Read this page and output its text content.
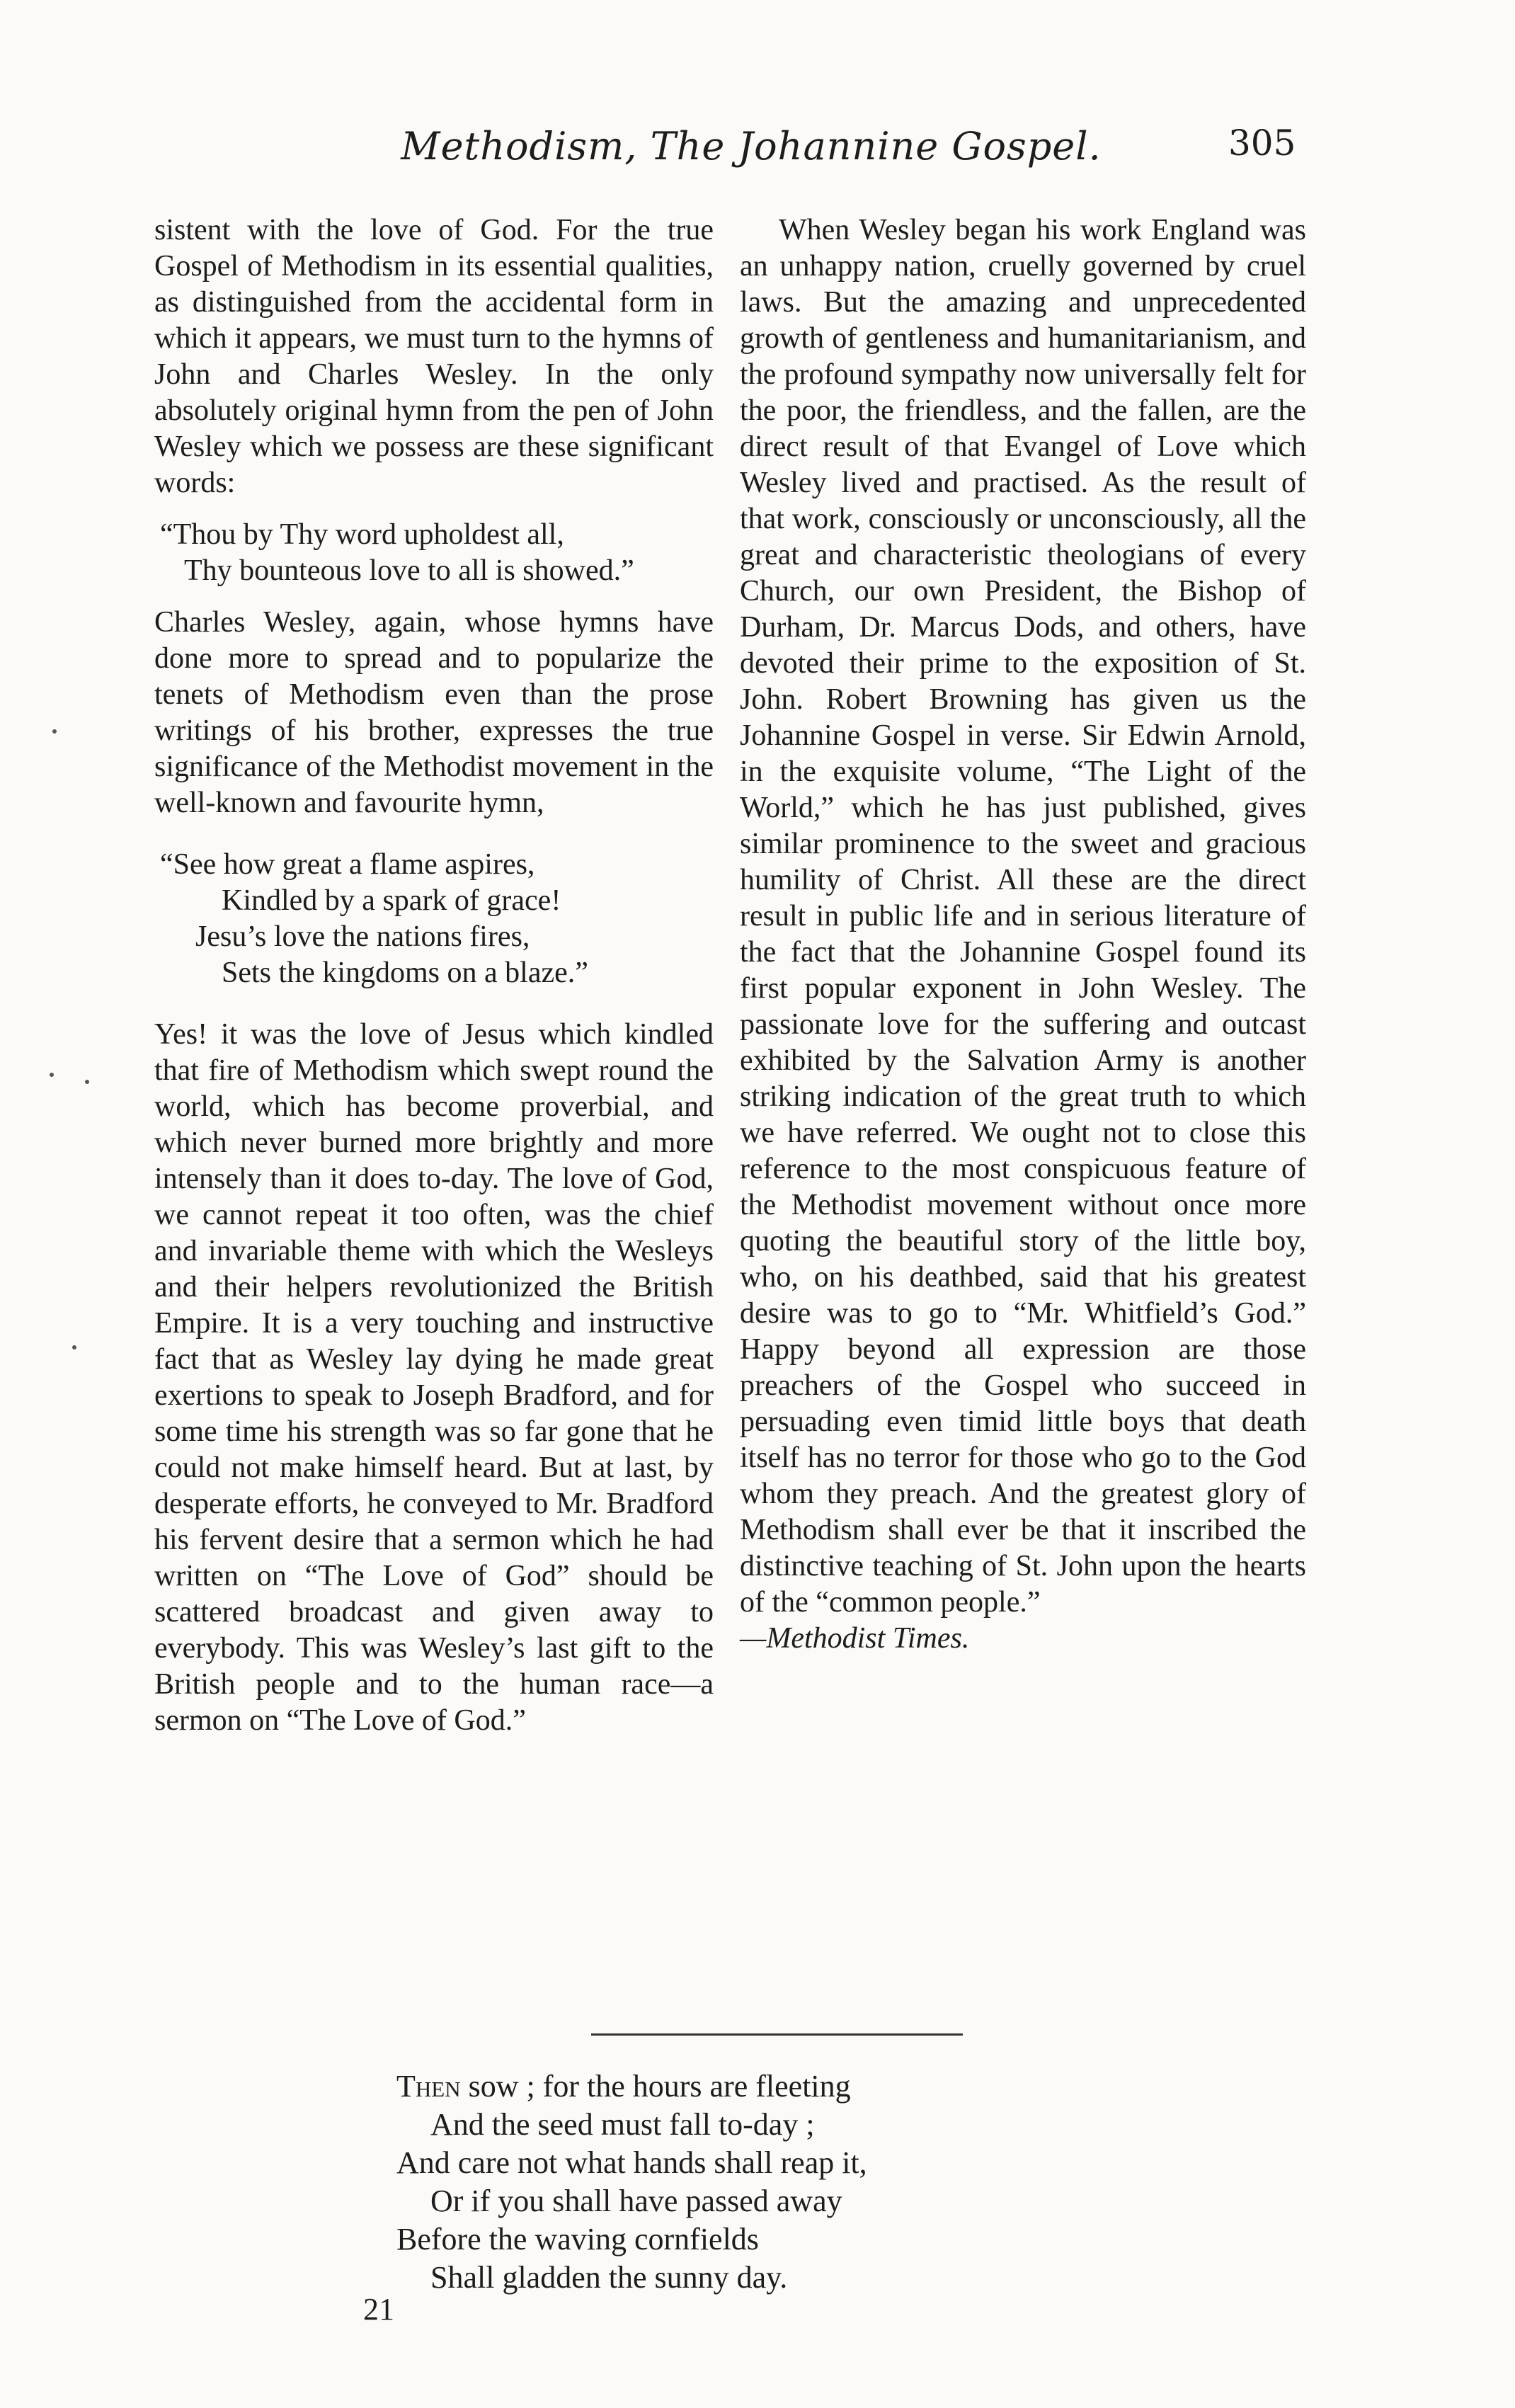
Methodism, The Johannine Gospel.	305

sistent with the love of God. For the true Gospel of Methodism in its essential qualities, as distinguished from the accidental form in which it appears, we must turn to the hymns of John and Charles Wesley. In the only absolutely original hymn from the pen of John Wesley which we possess are these significant words:

“Thou by Thy word upholdest all,
Thy bounteous love to all is showed.”

Charles Wesley, again, whose hymns have done more to spread and to popularize the tenets of Methodism even than the prose writings of his brother, expresses the true significance of the Methodist movement in the well-known and favourite hymn,

“See how great a flame aspires,
Kindled by a spark of grace!
Jesu’s love the nations fires,
Sets the kingdoms on a blaze.”

Yes! it was the love of Jesus which kindled that fire of Methodism which swept round the world, which has become proverbial, and which never burned more brightly and more intensely than it does to-day. The love of God, we cannot repeat it too often, was the chief and invariable theme with which the Wesleys and their helpers revolutionized the British Empire. It is a very touching and instructive fact that as Wesley lay dying he made great exertions to speak to Joseph Bradford, and for some time his strength was so far gone that he could not make himself heard. But at last, by desperate efforts, he conveyed to Mr. Bradford his fervent desire that a sermon which he had written on “The Love of God” should be scattered broadcast and given away to everybody. This was Wesley’s last gift to the British people and to the human race—a sermon on “The Love of God.”

When Wesley began his work England was an unhappy nation, cruelly governed by cruel laws. But the amazing and unprecedented growth of gentleness and humanitarianism, and the profound sympathy now universally felt for the poor, the friendless, and the fallen, are the direct result of that Evangel of Love which Wesley lived and practised. As the result of that work, consciously or unconsciously, all the great and characteristic theologians of every Church, our own President, the Bishop of Durham, Dr. Marcus Dods, and others, have devoted their prime to the exposition of St. John. Robert Browning has given us the Johannine Gospel in verse. Sir Edwin Arnold, in the exquisite volume, “The Light of the World,” which he has just published, gives similar prominence to the sweet and gracious humility of Christ. All these are the direct result in public life and in serious literature of the fact that the Johannine Gospel found its first popular exponent in John Wesley. The passionate love for the suffering and outcast exhibited by the Salvation Army is another striking indication of the great truth to which we have referred. We ought not to close this reference to the most conspicuous feature of the Methodist movement without once more quoting the beautiful story of the little boy, who, on his deathbed, said that his greatest desire was to go to “Mr. Whitfield’s God.” Happy beyond all expression are those preachers of the Gospel who succeed in persuading even timid little boys that death itself has no terror for those who go to the God whom they preach. And the greatest glory of Methodism shall ever be that it inscribed the distinctive teaching of St. John upon the hearts of the “common people.”

—Methodist Times.

Then sow ; for the hours are fleeting
And the seed must fall to-day ;
And care not what hands shall reap it,
Or if you shall have passed away
Before the waving cornfields
Shall gladden the sunny day.
21
